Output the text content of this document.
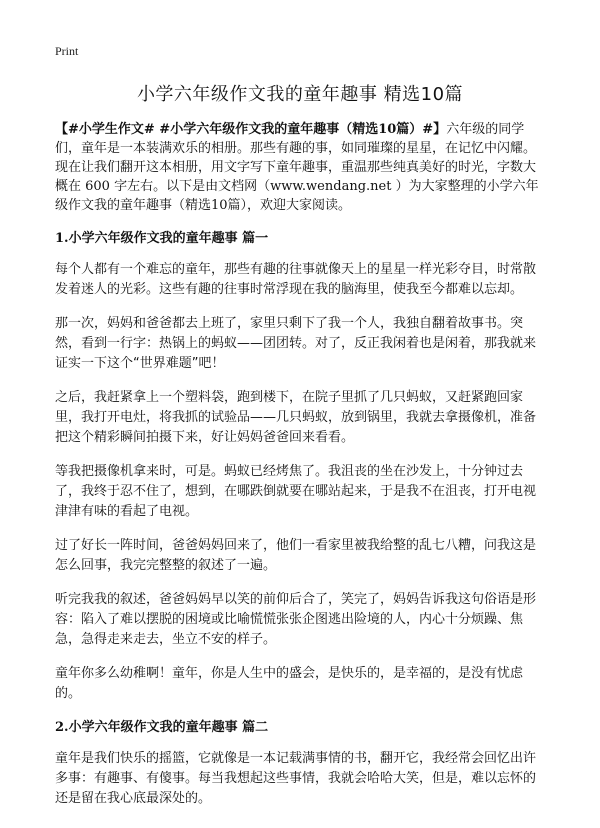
Print
小学六年级作文我的童年趣事 精选10篇

【#小学生作文# #小学六年级作文我的童年趣事（精选10篇）#】六年级的同学们，童年是一本装满欢乐的相册。那些有趣的事，如同璀璨的星星，在记忆中闪耀。现在让我们翻开这本相册，用文字写下童年趣事，重温那些纯真美好的时光，字数大概在 600 字左右。以下是由文档网（www.wendang.net ）为大家整理的小学六年级作文我的童年趣事（精选10篇），欢迎大家阅读。

1.小学六年级作文我的童年趣事 篇一

每个人都有一个难忘的童年，那些有趣的往事就像天上的星星一样光彩夺目，时常散发着迷人的光彩。这些有趣的往事时常浮现在我的脑海里，使我至今都难以忘却。

那一次，妈妈和爸爸都去上班了，家里只剩下了我一个人，我独自翻着故事书。突然，看到一行字：热锅上的蚂蚁——团团转。对了，反正我闲着也是闲着，那我就来证实一下这个“世界难题”吧！

之后，我赶紧拿上一个塑料袋，跑到楼下，在院子里抓了几只蚂蚁，又赶紧跑回家里，我打开电灶，将我抓的试验品——几只蚂蚁，放到锅里，我就去拿摄像机，准备把这个精彩瞬间拍摄下来，好让妈妈爸爸回来看看。

等我把摄像机拿来时，可是。蚂蚁已经烤焦了。我沮丧的坐在沙发上，十分钟过去了，我终于忍不住了，想到，在哪跌倒就要在哪站起来，于是我不在沮丧，打开电视津津有味的看起了电视。

过了好长一阵时间，爸爸妈妈回来了，他们一看家里被我给整的乱七八糟，问我这是怎么回事，我完完整整的叙述了一遍。

听完我我的叙述，爸爸妈妈早以笑的前仰后合了，笑完了，妈妈告诉我这句俗语是形容：陷入了难以摆脱的困境或比喻慌慌张张企图逃出险境的人，内心十分烦躁、焦急，急得走来走去，坐立不安的样子。

童年你多么幼稚啊！童年，你是人生中的盛会，是快乐的，是幸福的，是没有忧虑的。

2.小学六年级作文我的童年趣事 篇二

童年是我们快乐的摇篮，它就像是一本记载满事情的书，翻开它，我经常会回忆出许多事：有趣事、有傻事。每当我想起这些事情，我就会哈哈大笑，但是，难以忘怀的还是留在我心底最深处的。
